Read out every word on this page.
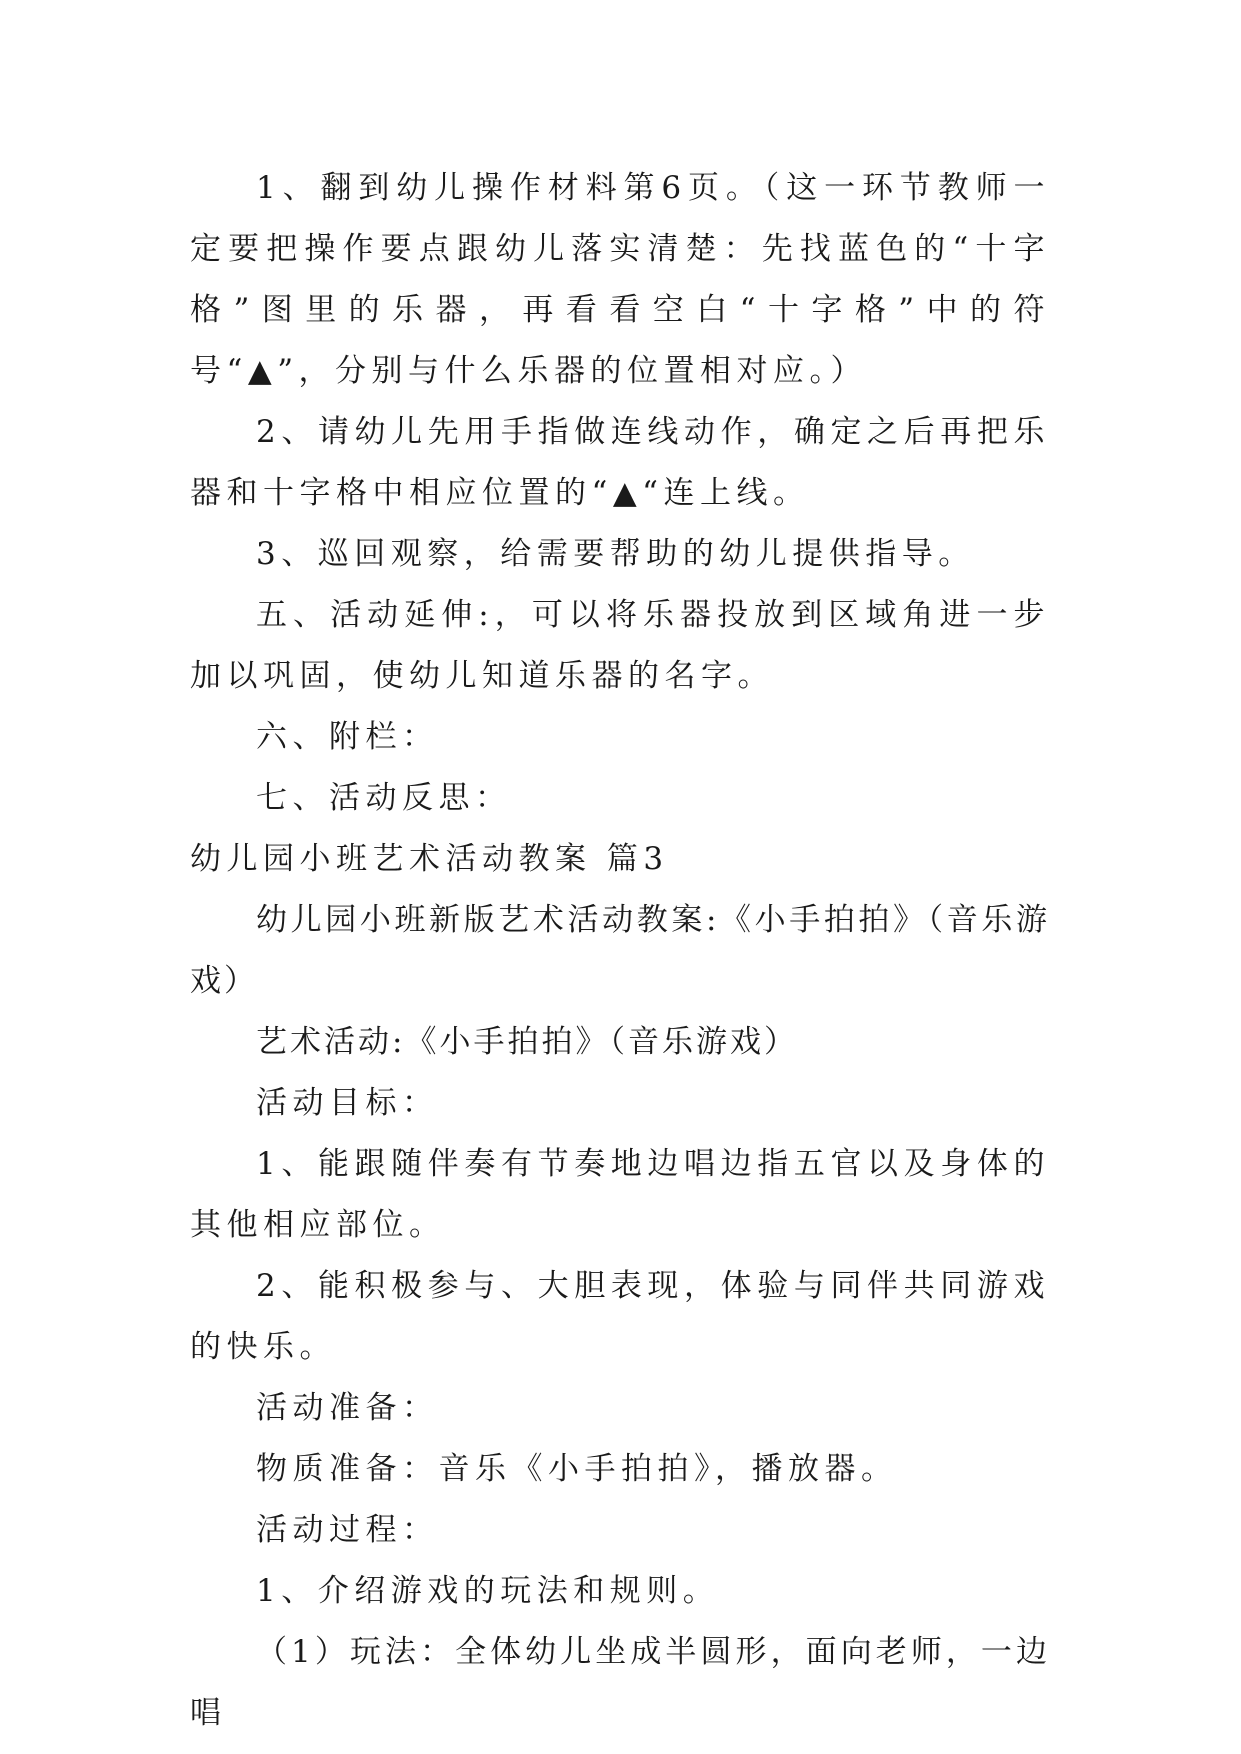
1、翻到幼儿操作材料第6页。（这一环节教师一定要把操作要点跟幼儿落实清楚：先找蓝色的“十字格”图里的乐器，再看看空白“十字格”中的符号“▲”，分别与什么乐器的位置相对应。）

2、请幼儿先用手指做连线动作，确定之后再把乐器和十字格中相应位置的“▲“连上线。

3、巡回观察，给需要帮助的幼儿提供指导。

五、活动延伸:，可以将乐器投放到区域角进一步加以巩固，使幼儿知道乐器的名字。

六、附栏：

七、活动反思：

幼儿园小班艺术活动教案 篇3

幼儿园小班新版艺术活动教案:《小手拍拍》（音乐游戏）

艺术活动:《小手拍拍》（音乐游戏）

活动目标：

1、能跟随伴奏有节奏地边唱边指五官以及身体的其他相应部位。

2、能积极参与、大胆表现，体验与同伴共同游戏的快乐。

活动准备：

物质准备：音乐《小手拍拍》，播放器。

活动过程：

1、介绍游戏的玩法和规则。

（1）玩法：全体幼儿坐成半圆形，面向老师，一边唱
